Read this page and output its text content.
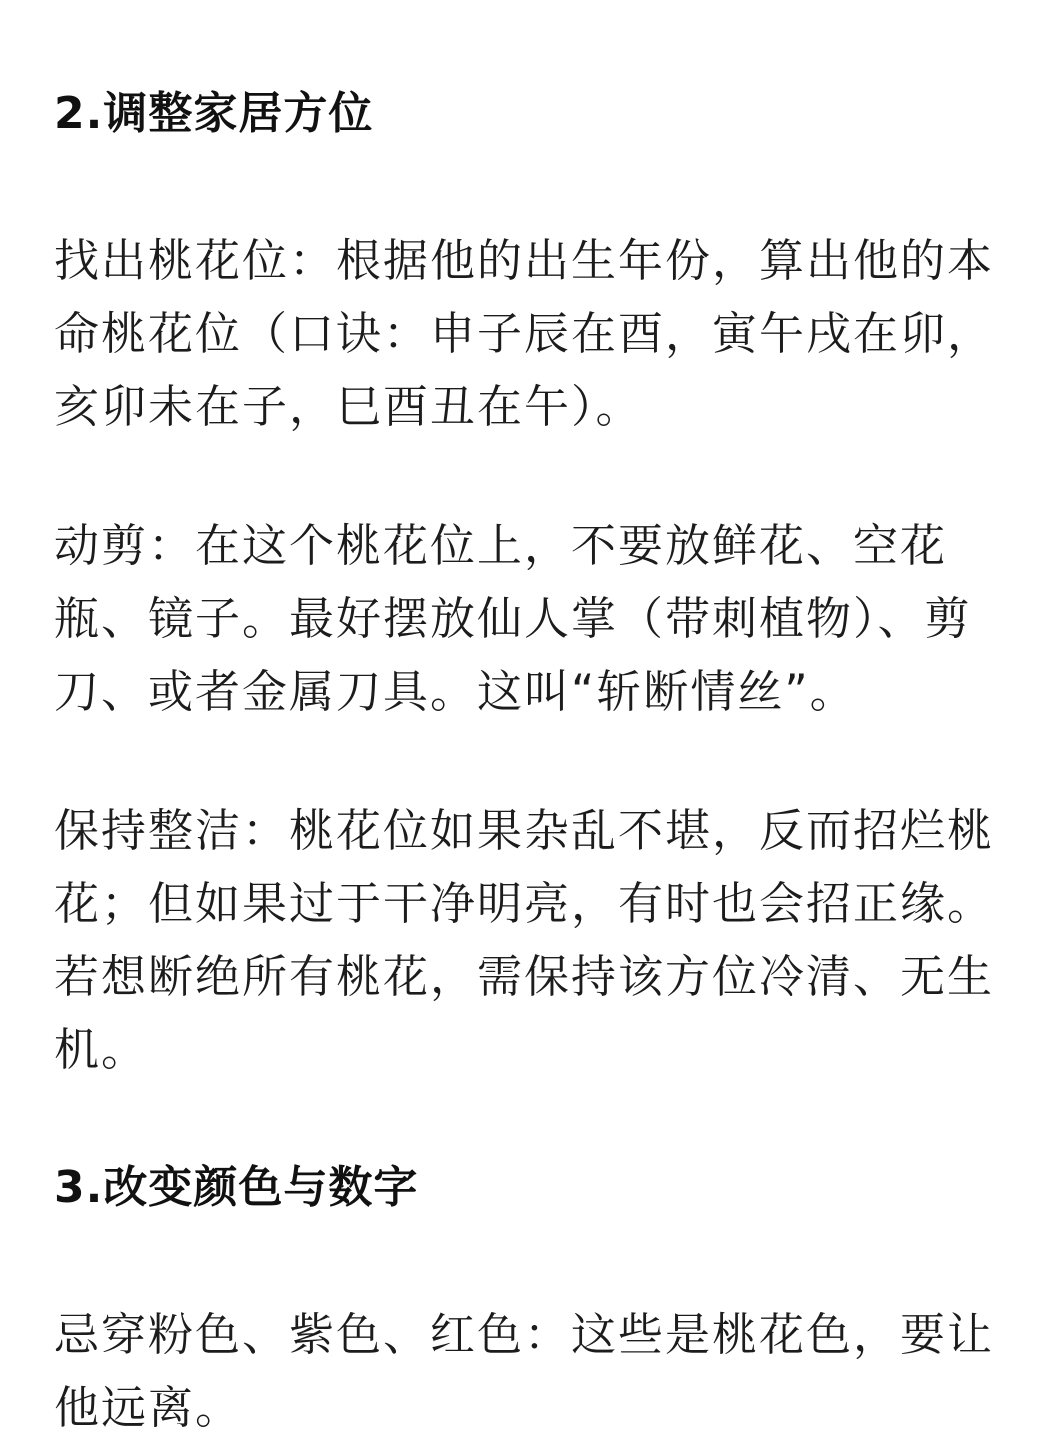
2.调整家居方位

找出桃花位：根据他的出生年份，算出他的本命桃花位（口诀：申子辰在酉，寅午戌在卯，亥卯未在子，巳酉丑在午）。

动剪：在这个桃花位上，不要放鲜花、空花瓶、镜子。最好摆放仙人掌（带刺植物）、剪刀、或者金属刀具。这叫“斩断情丝”。

保持整洁：桃花位如果杂乱不堪，反而招烂桃花；但如果过于干净明亮，有时也会招正缘。若想断绝所有桃花，需保持该方位冷清、无生机。

3.改变颜色与数字

忌穿粉色、紫色、红色：这些是桃花色，要让他远离。
